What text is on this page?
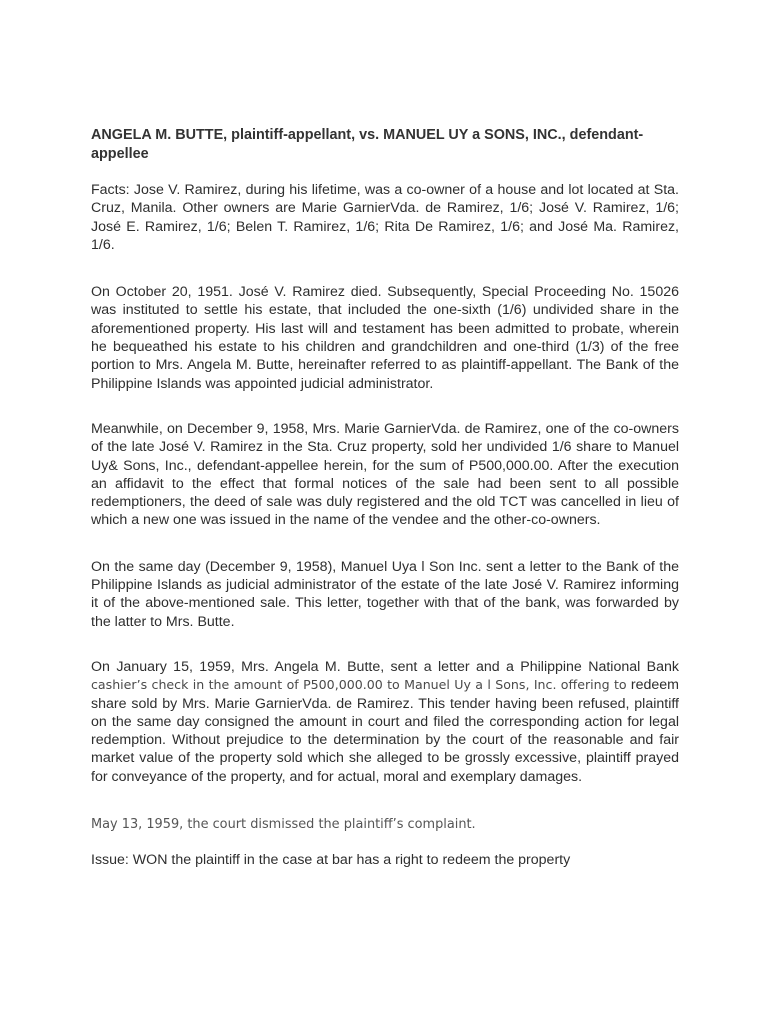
ANGELA M. BUTTE, plaintiff-appellant, vs. MANUEL UY a SONS, INC., defendant-appellee

Facts: Jose V. Ramirez, during his lifetime, was a co-owner of a house and lot located at Sta. Cruz, Manila. Other owners are Marie GarnierVda. de Ramirez, 1/6; José V. Ramirez, 1/6; José E. Ramirez, 1/6; Belen T. Ramirez, 1/6; Rita De Ramirez, 1/6; and José Ma. Ramirez, 1/6.

On October 20, 1951. José V. Ramirez died. Subsequently, Special Proceeding No. 15026 was instituted to settle his estate, that included the one-sixth (1/6) undivided share in the aforementioned property. His last will and testament has been admitted to probate, wherein he bequeathed his estate to his children and grandchildren and one-third (1/3) of the free portion to Mrs. Angela M. Butte, hereinafter referred to as plaintiff-appellant. The Bank of the Philippine Islands was appointed judicial administrator.

Meanwhile, on December 9, 1958, Mrs. Marie GarnierVda. de Ramirez, one of the co-owners of the late José V. Ramirez in the Sta. Cruz property, sold her undivided 1/6 share to Manuel Uy& Sons, Inc., defendant-appellee herein, for the sum of P500,000.00. After the execution an affidavit to the effect that formal notices of the sale had been sent to all possible redemptioners, the deed of sale was duly registered and the old TCT was cancelled in lieu of which a new one was issued in the name of the vendee and the other-co-owners.

On the same day (December 9, 1958), Manuel Uya l Son Inc. sent a letter to the Bank of the Philippine Islands as judicial administrator of the estate of the late José V. Ramirez informing it of the above-mentioned sale. This letter, together with that of the bank, was forwarded by the latter to Mrs. Butte.

On January 15, 1959, Mrs. Angela M. Butte, sent a letter and a Philippine National Bank cashier’s check in the amount of P500,000.00 to Manuel Uy a l Sons, Inc. offering to redeem share sold by Mrs. Marie GarnierVda. de Ramirez. This tender having been refused, plaintiff on the same day consigned the amount in court and filed the corresponding action for legal redemption. Without prejudice to the determination by the court of the reasonable and fair market value of the property sold which she alleged to be grossly excessive, plaintiff prayed for conveyance of the property, and for actual, moral and exemplary damages.

May 13, 1959, the court dismissed the plaintiff’s complaint.

Issue: WON the plaintiff in the case at bar has a right to redeem the property
